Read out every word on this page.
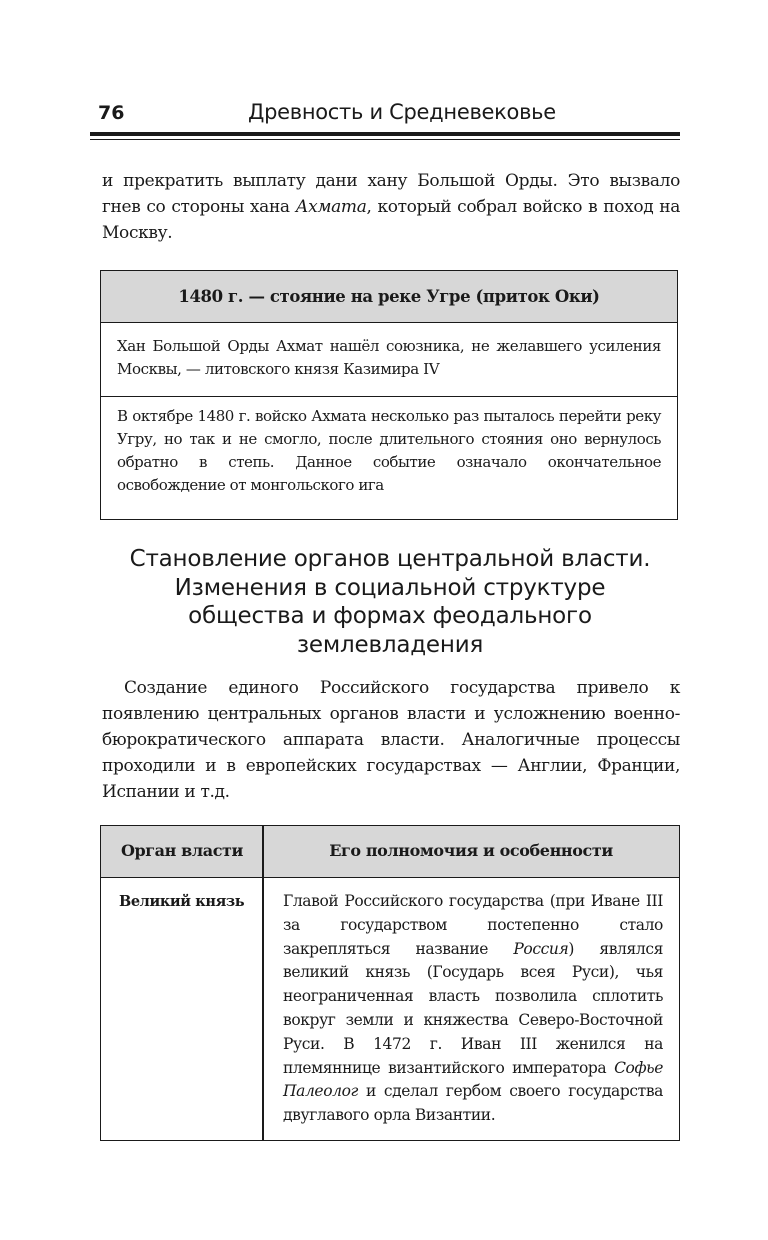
76	Древность и Средневековье
и прекратить выплату дани хану Большой Орды. Это вызвало гнев со стороны хана Ахмата, который собрал войско в поход на Москву.
1480 г. — стояние на реке Угре (приток Оки)
Хан Большой Орды Ахмат нашёл союзника, не желавшего усиления Москвы, — литовского князя Казимира IV
В октябре 1480 г. войско Ахмата несколько раз пыталось перейти реку Угру, но так и не смогло, после длительного стояния оно вернулось обратно в степь. Данное событие означало окончательное освобождение от монгольского ига
Становление органов центральной власти.
Изменения в социальной структуре
общества и формах феодального
землевладения
Создание единого Российского государства привело к появлению центральных органов власти и усложнению военно-бюрократического аппарата власти. Аналогичные процессы проходили и в европейских государствах — Англии, Франции, Испании и т.д.
Орган власти	Его полномочия и особенности
Великий князь	Главой Российского государства (при Иване III за государством постепенно стало закрепляться название Россия) являлся великий князь (Государь всея Руси), чья неограниченная власть позволила сплотить вокруг земли и княжества Северо-Восточной Руси. В 1472 г. Иван III женился на племяннице византийского императора Софье Палеолог и сделал гербом своего государства двуглавого орла Византии.
